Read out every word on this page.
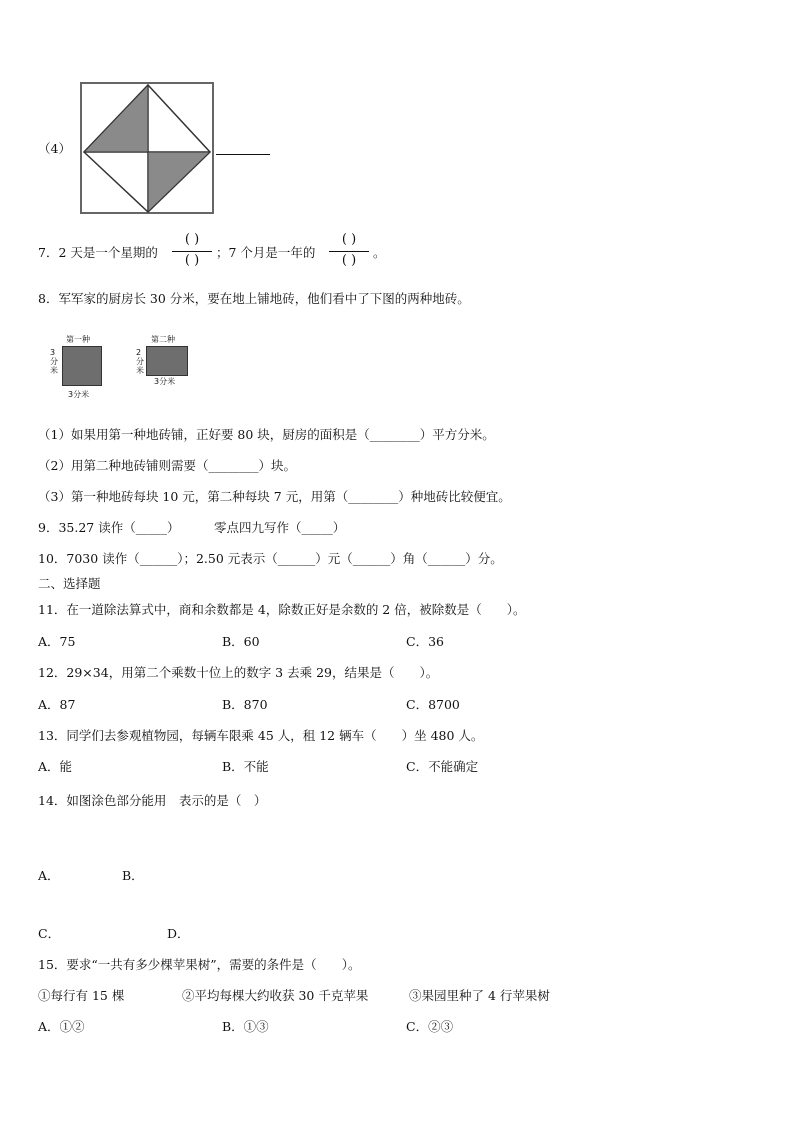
（4）
7．2 天是一个星期的
( )
( )
；7 个月是一年的
( )
( )
。
8．军军家的厨房长 30 分米，要在地上铺地砖，他们看中了下图的两种地砖。
第一种
3分米
3分米
第二种
2分米
3分米
（1）如果用第一种地砖铺，正好要 80 块，厨房的面积是（________）平方分米。
（2）用第二种地砖铺则需要（________）块。
（3）第一种地砖每块 10 元，第二种每块 7 元，用第（________）种地砖比较便宜。
9．35.27 读作（_____）	零点四九写作（_____）
10．7030 读作（______）；2.50 元表示（______）元（______）角（______）分。
二、选择题
11．在一道除法算式中，商和余数都是 4，除数正好是余数的 2 倍，被除数是（　　）。
A．75	B．60	C．36
12．29×34，用第二个乘数十位上的数字 3 去乘 29，结果是（　　）。
A．87	B．870	C．8700
13．同学们去参观植物园，每辆车限乘 45 人，租 12 辆车（　　）坐 480 人。
A．能	B．不能	C．不能确定
14．如图涂色部分能用　表示的是（　）
A．	B．
C．	D．
15．要求“一共有多少棵苹果树”，需要的条件是（　　）。
①每行有 15 棵	②平均每棵大约收获 30 千克苹果	③果园里种了 4 行苹果树
A．①②	B．①③	C．②③
